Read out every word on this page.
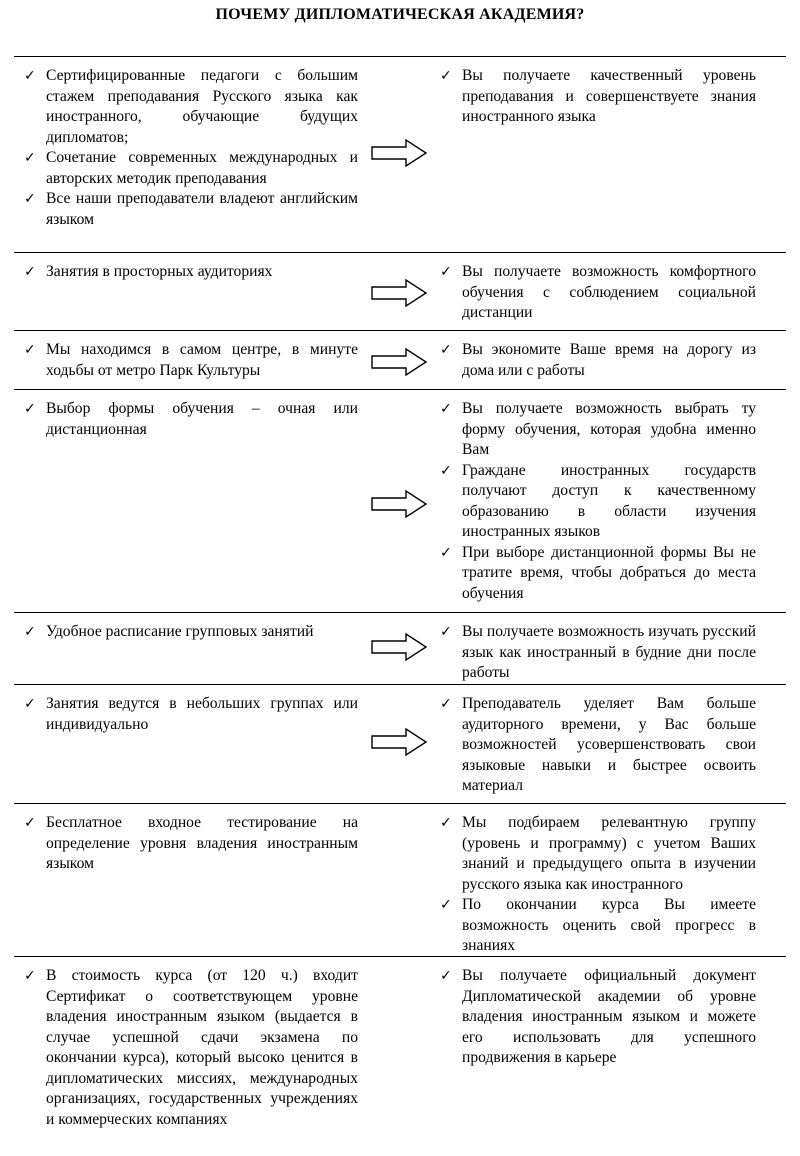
ПОЧЕМУ ДИПЛОМАТИЧЕСКАЯ АКАДЕМИЯ?
✓ Сертифицированные педагоги с большим стажем преподавания Русского языка как иностранного, обучающие будущих дипломатов;
✓ Сочетание современных международных и авторских методик преподавания
✓ Все наши преподаватели владеют английским языком
✓ Вы получаете качественный уровень преподавания и совершенствуете знания иностранного языка
✓ Занятия в просторных аудиториях	✓ Вы получаете возможность комфортного обучения с соблюдением социальной дистанции
✓ Мы находимся в самом центре, в минуте ходьбы от метро Парк Культуры
✓ Вы экономите Ваше время на дорогу из дома или с работы
✓ Выбор формы обучения – очная или дистанционная
✓ Вы получаете возможность выбрать ту форму обучения, которая удобна именно Вам
✓ Граждане иностранных государств получают доступ к качественному образованию в области изучения иностранных языков
✓ При выборе дистанционной формы Вы не тратите время, чтобы добраться до места обучения
✓ Удобное расписание групповых занятий	✓ Вы получаете возможность изучать русский язык как иностранный в будние дни после работы
✓ Занятия ведутся в небольших группах или индивидуально
✓ Преподаватель уделяет Вам больше аудиторного времени, у Вас больше возможностей усовершенствовать свои языковые навыки и быстрее освоить материал
✓ Бесплатное входное тестирование на определение уровня владения иностранным языком
✓ Мы подбираем релевантную группу (уровень и программу) с учетом Ваших знаний и предыдущего опыта в изучении русского языка как иностранного
✓ По окончании курса Вы имеете возможность оценить свой прогресс в знаниях
✓ В стоимость курса (от 120 ч.) входит Сертификат о соответствующем уровне владения иностранным языком (выдается в случае успешной сдачи экзамена по окончании курса), который высоко ценится в дипломатических миссиях, международных организациях, государственных учреждениях и коммерческих компаниях
✓ Вы получаете официальный документ Дипломатической академии об уровне владения иностранным языком и можете его использовать для успешного продвижения в карьере
